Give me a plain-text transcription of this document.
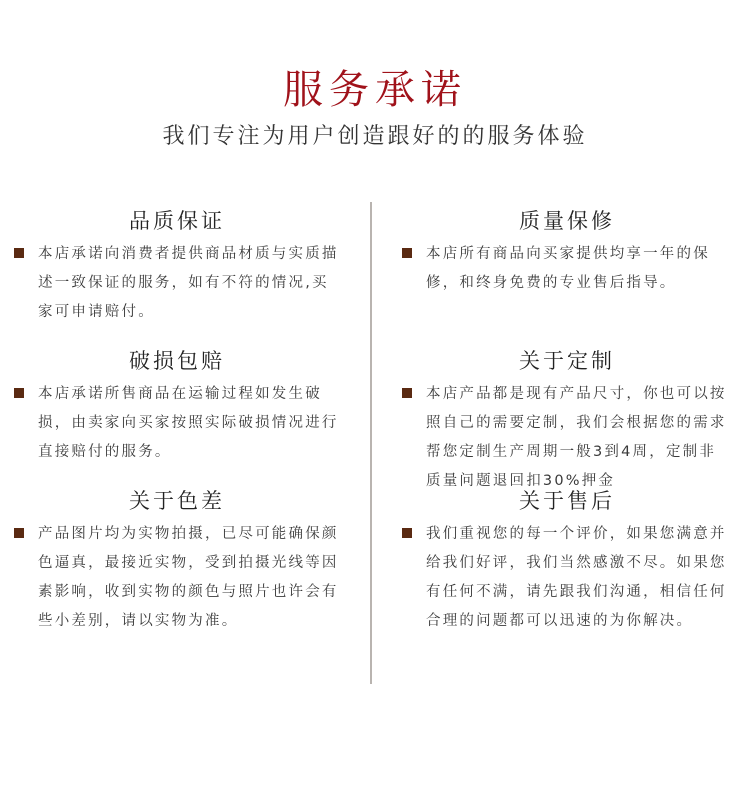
服务承诺
我们专注为用户创造跟好的的服务体验
品质保证
本店承诺向消费者提供商品材质与实质描述一致保证的服务，如有不符的情况,买家可申请赔付。
破损包赔
本店承诺所售商品在运输过程如发生破损，由卖家向买家按照实际破损情况进行直接赔付的服务。
关于色差
产品图片均为实物拍摄，已尽可能确保颜色逼真，最接近实物，受到拍摄光线等因素影响，收到实物的颜色与照片也许会有些小差别，请以实物为准。
质量保修
本店所有商品向买家提供均享一年的保修，和终身免费的专业售后指导。
关于定制
本店产品都是现有产品尺寸，你也可以按照自己的需要定制，我们会根据您的需求帮您定制生产周期一般3到4周，定制非质量问题退回扣30%押金
关于售后
我们重视您的每一个评价，如果您满意并给我们好评，我们当然感激不尽。如果您有任何不满，请先跟我们沟通，相信任何合理的问题都可以迅速的为你解决。
